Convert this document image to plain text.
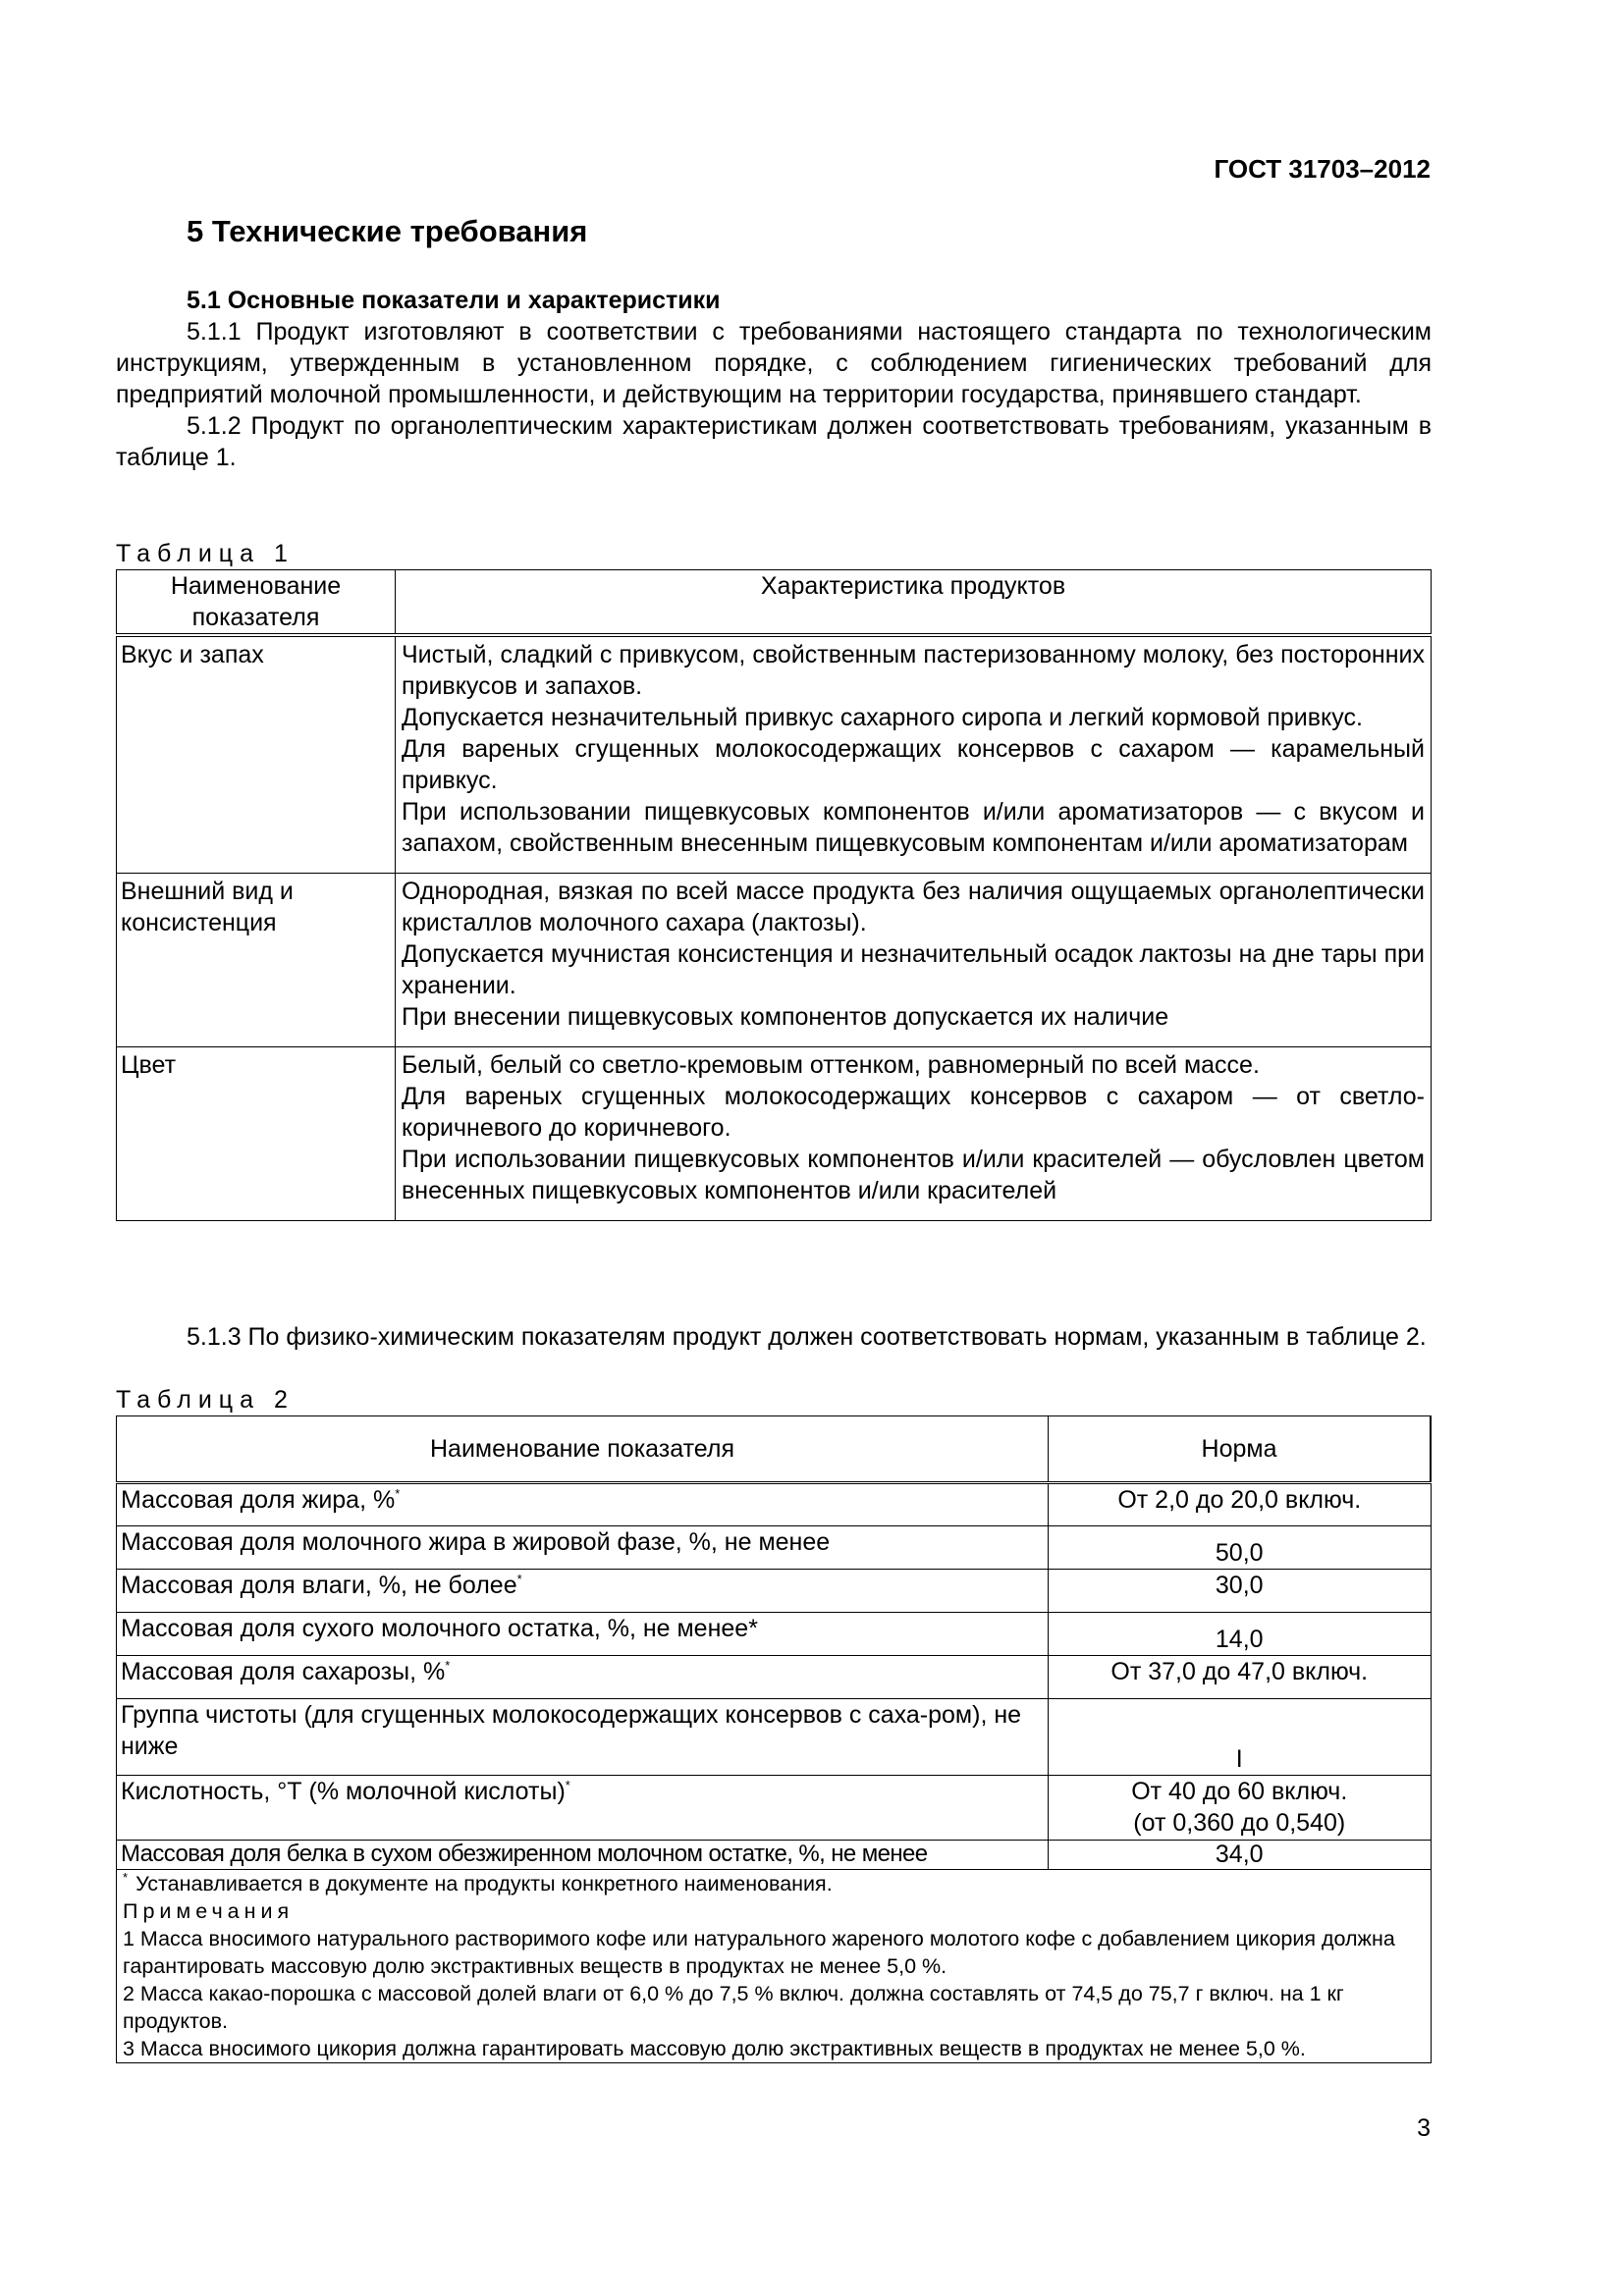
ГОСТ 31703–2012
5 Технические требования
5.1 Основные показатели и характеристики
5.1.1 Продукт изготовляют в соответствии с требованиями настоящего стандарта по технологическим инструкциям, утвержденным в установленном порядке, с соблюдением гигиенических требований для предприятий молочной промышленности, и действующим на территории государства, принявшего стандарт.
5.1.2 Продукт по органолептическим характеристикам должен соответствовать требованиям, указанным в таблице 1.
Таблица 1
Наименование показателя	Характеристика продуктов
Вкус и запах	Чистый, сладкий с привкусом, свойственным пастеризованному молоку, без посторонних привкусов и запахов.
Допускается незначительный привкус сахарного сиропа и легкий кормовой привкус.
Для вареных сгущенных молокосодержащих консервов с сахаром — карамельный привкус.
При использовании пищевкусовых компонентов и/или ароматизаторов — с вкусом и запахом, свойственным внесенным пищевкусовым компонентам и/или ароматизаторам

Внешний вид и консистенция	Однородная, вязкая по всей массе продукта без наличия ощущаемых органолептически кристаллов молочного сахара (лактозы).
Допускается мучнистая консистенция и незначительный осадок лактозы на дне тары при хранении.
При внесении пищевкусовых компонентов допускается их наличие

Цвет	Белый, белый со светло-кремовым оттенком, равномерный по всей массе.
Для вареных сгущенных молокосодержащих консервов с сахаром — от светло-коричневого до коричневого.
При использовании пищевкусовых компонентов и/или красителей — обусловлен цветом внесенных пищевкусовых компонентов и/или красителей
5.1.3 По физико-химическим показателям продукт должен соответствовать нормам, указанным в таблице 2.
Таблица 2
Наименование показателя	Норма
Массовая доля жира, %*	От 2,0 до 20,0 включ.

Массовая доля молочного жира в жировой фазе, %, не менее	50,0

Массовая доля влаги, %, не более*	30,0

Массовая доля сухого молочного остатка, %, не менее*	14,0

Массовая доля сахарозы, %*	От 37,0 до 47,0 включ.

Группа чистоты (для сгущенных молокосодержащих консервов с саха-ром), не ниже	I

Кислотность, °Т (% молочной кислоты)*	От 40 до 60 включ.
(от 0,360 до 0,540)

Массовая доля белка в сухом обезжиренном молочном остатке, %, не менее	34,0

* Устанавливается в документе на продукты конкретного наименования.
Примечания
1 Масса вносимого натурального растворимого кофе или натурального жареного молотого кофе с добавлением цикория должна гарантировать массовую долю экстрактивных веществ в продуктах не менее 5,0 %.
2 Масса какао-порошка с массовой долей влаги от 6,0 % до 7,5 % включ. должна составлять от 74,5 до 75,7 г включ. на 1 кг продуктов.
3 Масса вносимого цикория должна гарантировать массовую долю экстрактивных веществ в продуктах не менее 5,0 %.	
3
